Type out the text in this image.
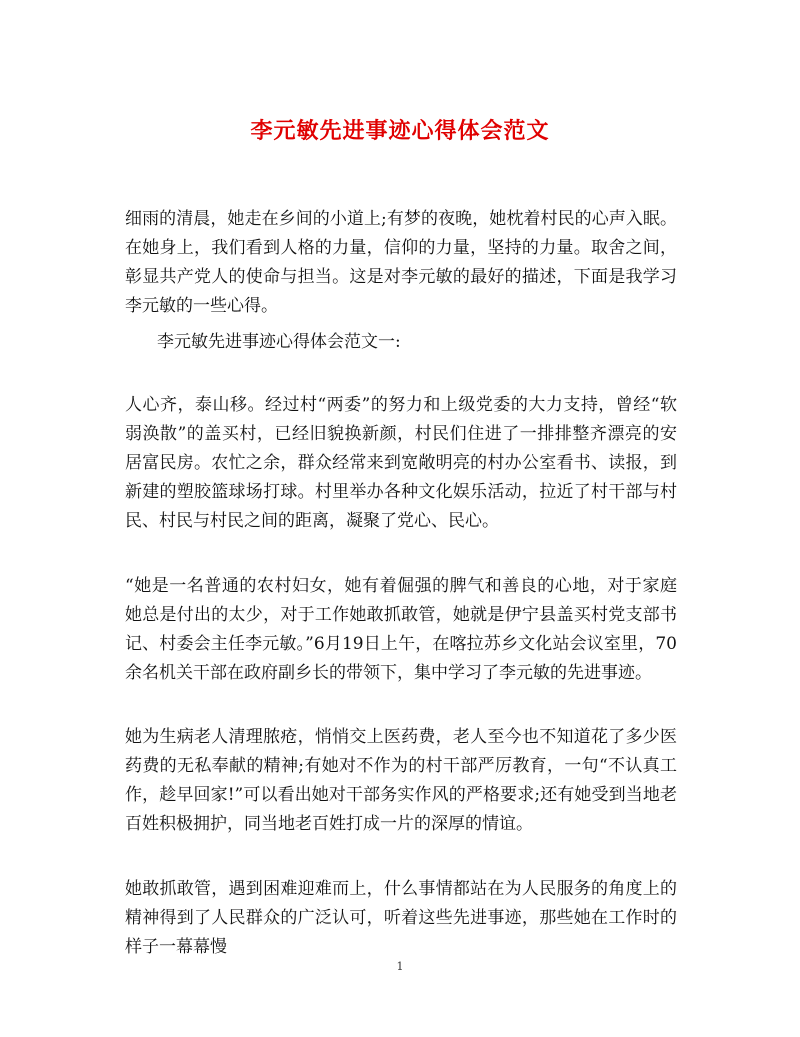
李元敏先进事迹心得体会范文

细雨的清晨，她走在乡间的小道上;有梦的夜晚，她枕着村民的心声入眠。在她身上，我们看到人格的力量，信仰的力量，坚持的力量。取舍之间，彰显共产党人的使命与担当。这是对李元敏的最好的描述，下面是我学习李元敏的一些心得。

李元敏先进事迹心得体会范文一:

人心齐，泰山移。经过村“两委”的努力和上级党委的大力支持，曾经“软弱涣散”的盖买村，已经旧貌换新颜，村民们住进了一排排整齐漂亮的安居富民房。农忙之余，群众经常来到宽敞明亮的村办公室看书、读报，到新建的塑胶篮球场打球。村里举办各种文化娱乐活动，拉近了村干部与村民、村民与村民之间的距离，凝聚了党心、民心。

“她是一名普通的农村妇女，她有着倔强的脾气和善良的心地，对于家庭她总是付出的太少，对于工作她敢抓敢管，她就是伊宁县盖买村党支部书记、村委会主任李元敏。”6月19日上午，在喀拉苏乡文化站会议室里，70余名机关干部在政府副乡长的带领下，集中学习了李元敏的先进事迹。

她为生病老人清理脓疮，悄悄交上医药费，老人至今也不知道花了多少医药费的无私奉献的精神;有她对不作为的村干部严厉教育，一句“不认真工作，趁早回家!”可以看出她对干部务实作风的严格要求;还有她受到当地老百姓积极拥护，同当地老百姓打成一片的深厚的情谊。

她敢抓敢管，遇到困难迎难而上，什么事情都站在为人民服务的角度上的精神得到了人民群众的广泛认可，听着这些先进事迹，那些她在工作时的样子一幕幕慢

1
